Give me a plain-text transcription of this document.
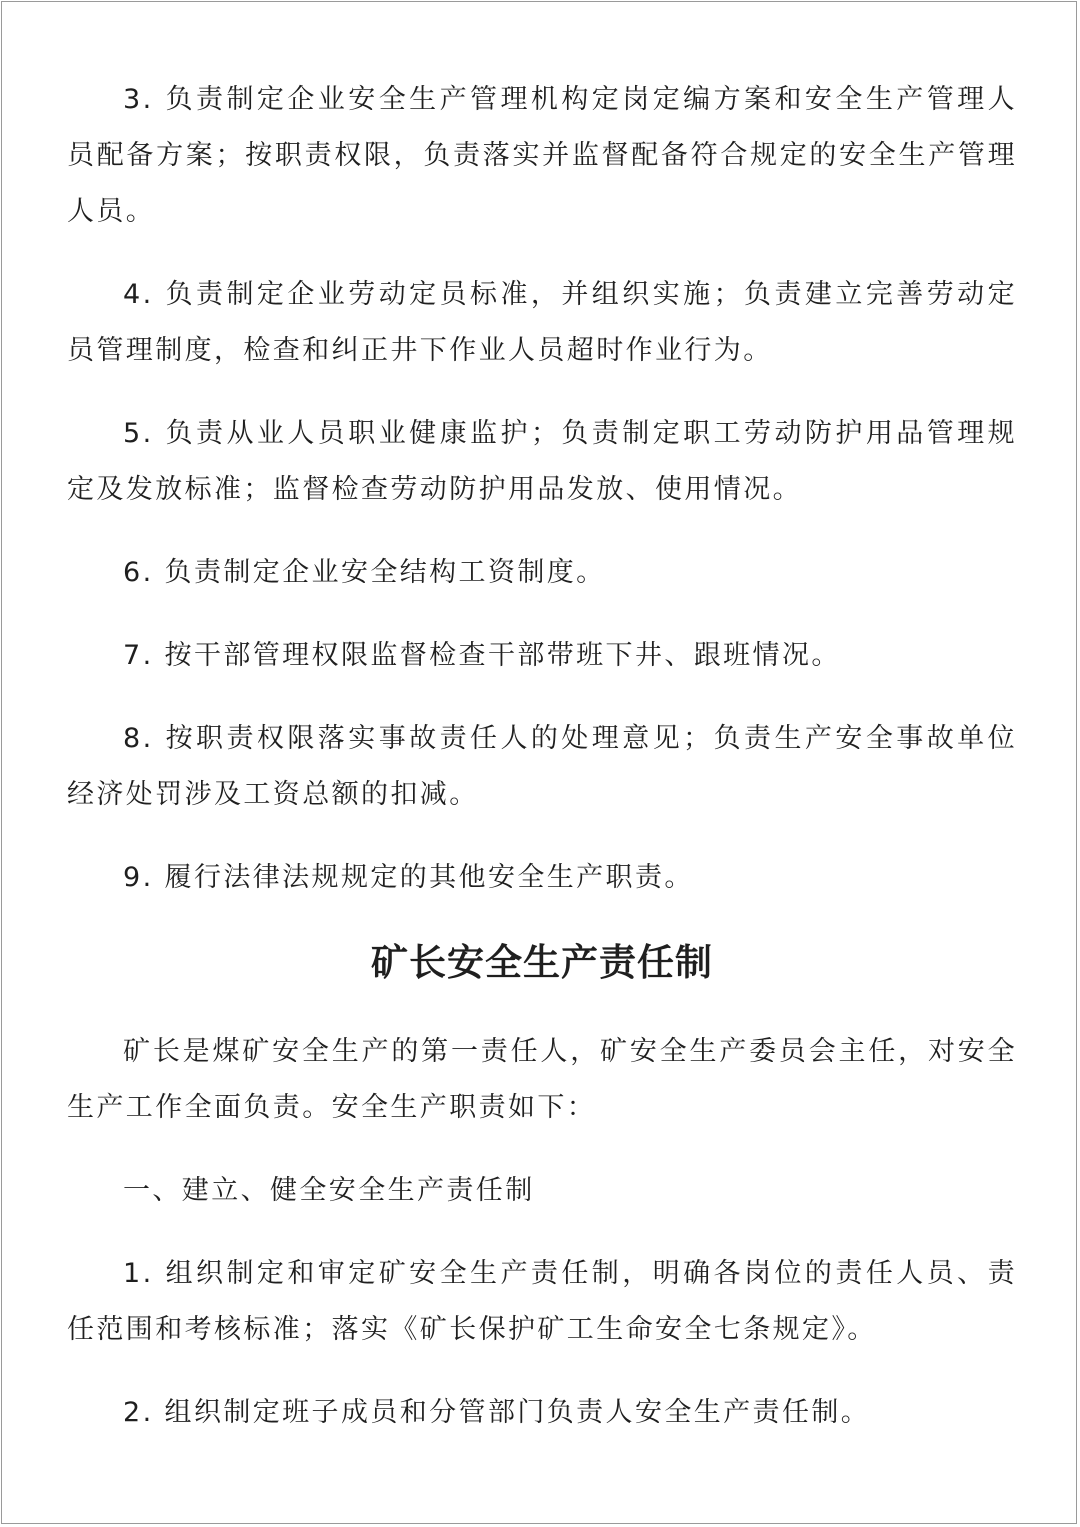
3. 负责制定企业安全生产管理机构定岗定编方案和安全生产管理人员配备方案；按职责权限，负责落实并监督配备符合规定的安全生产管理人员。

4. 负责制定企业劳动定员标准，并组织实施；负责建立完善劳动定员管理制度，检查和纠正井下作业人员超时作业行为。

5. 负责从业人员职业健康监护；负责制定职工劳动防护用品管理规定及发放标准；监督检查劳动防护用品发放、使用情况。

6. 负责制定企业安全结构工资制度。

7. 按干部管理权限监督检查干部带班下井、跟班情况。

8. 按职责权限落实事故责任人的处理意见；负责生产安全事故单位经济处罚涉及工资总额的扣减。

9. 履行法律法规规定的其他安全生产职责。

矿长安全生产责任制

矿长是煤矿安全生产的第一责任人，矿安全生产委员会主任，对安全生产工作全面负责。安全生产职责如下：

一、建立、健全安全生产责任制

1. 组织制定和审定矿安全生产责任制，明确各岗位的责任人员、责任范围和考核标准；落实《矿长保护矿工生命安全七条规定》。

2. 组织制定班子成员和分管部门负责人安全生产责任制。
